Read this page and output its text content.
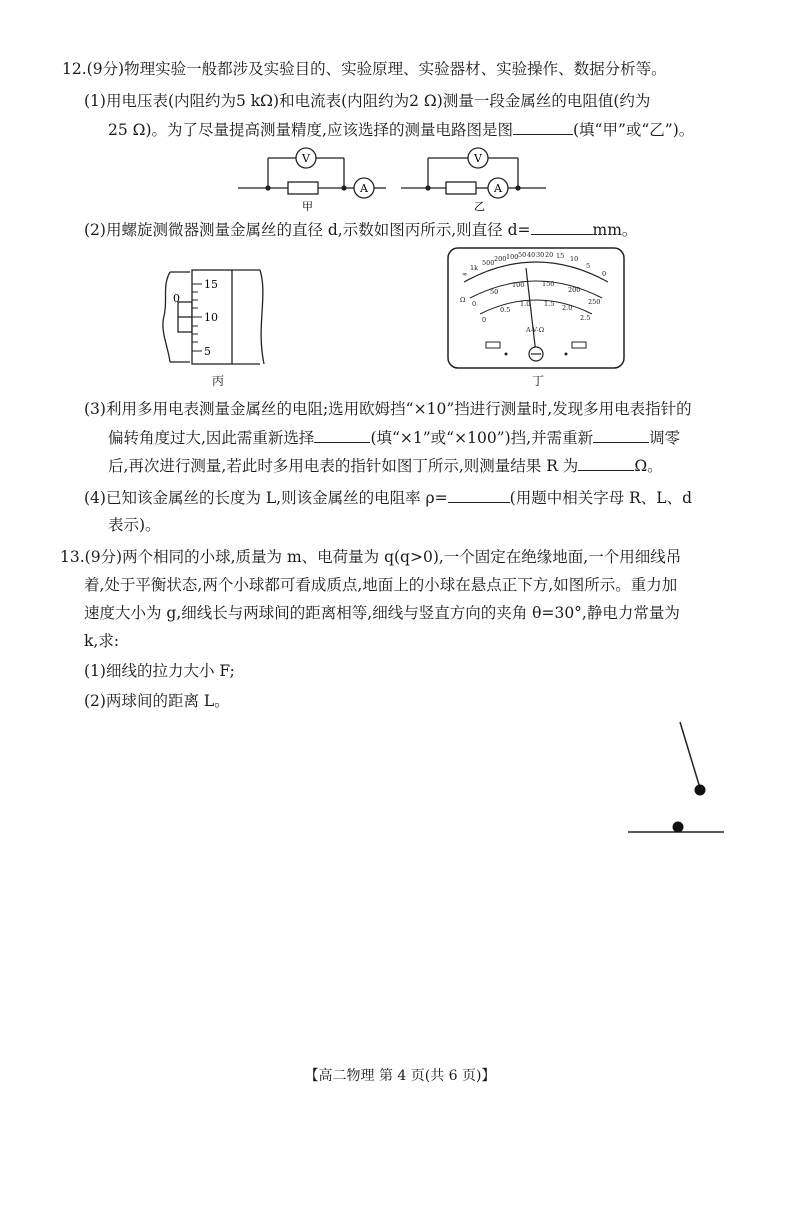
12.(9分)物理实验一般都涉及实验目的、实验原理、实验器材、实验操作、数据分析等。
(1)用电压表(内阻约为5 kΩ)和电流表(内阻约为2 Ω)测量一段金属丝的电阻值(约为
25 Ω)。为了尽量提高测量精度,应该选择的测量电路图是图	(填“甲”或“乙”)。
V
A
V
A
甲	乙
(2)用螺旋测微器测量金属丝的直径 d,示数如图丙所示,则直径 d=	mm。
15
10
5
0
丙
∞
1k
500 200 100 50 40 30 20 15 10
5
0
0
50
100	150
200
250
0
0.5
1.0 1.5 2.0
2.5
Ω
A-V-Ω
丁
(3)利用多用电表测量金属丝的电阻;选用欧姆挡“×10”挡进行测量时,发现多用电表指针的
偏转角度过大,因此需重新选择	(填“×1”或“×100”)挡,并需重新	调零
后,再次进行测量,若此时多用电表的指针如图丁所示,则测量结果 R 为	Ω。
(4)已知该金属丝的长度为 L,则该金属丝的电阻率 ρ=	(用题中相关字母 R、L、d
表示)。
13.(9分)两个相同的小球,质量为 m、电荷量为 q(q>0),一个固定在绝缘地面,一个用细线吊
着,处于平衡状态,两个小球都可看成质点,地面上的小球在悬点正下方,如图所示。重力加
速度大小为 g,细线长与两球间的距离相等,细线与竖直方向的夹角 θ=30°,静电力常量为
k,求:
(1)细线的拉力大小 F;
(2)两球间的距离 L。
【高二物理 第 4 页(共 6 页)】
